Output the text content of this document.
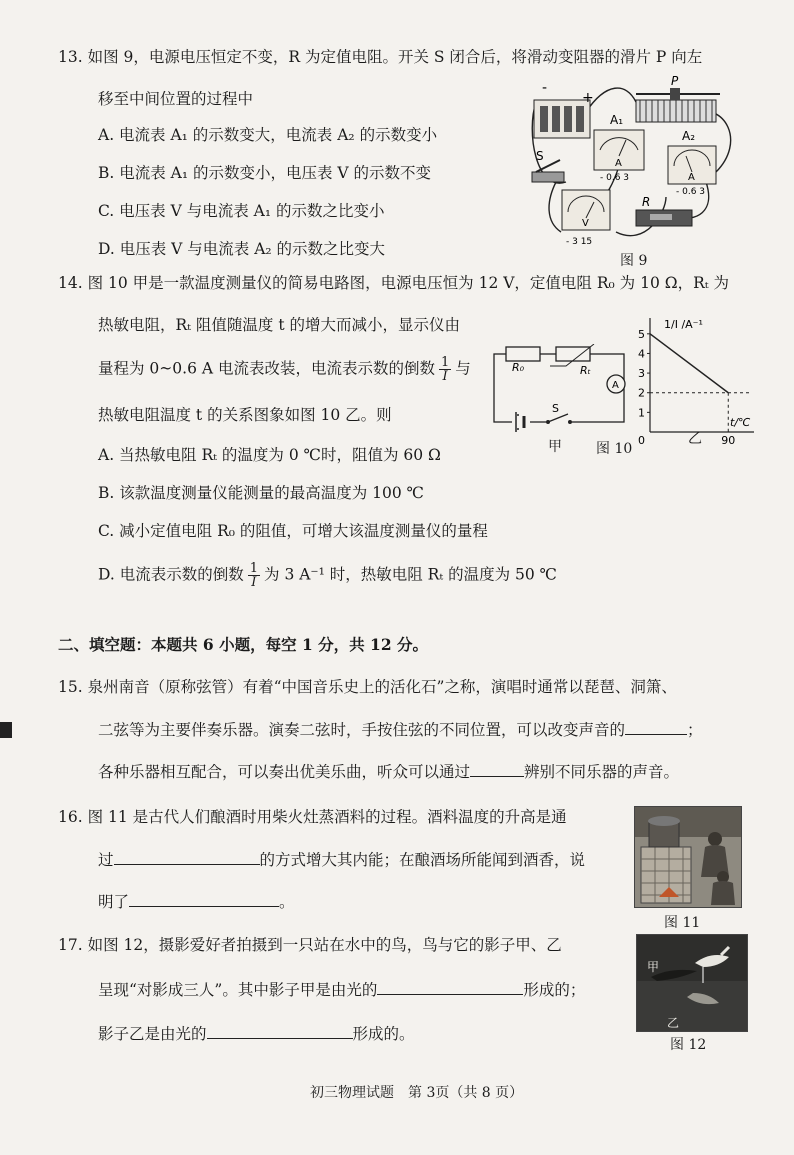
13. 如图 9，电源电压恒定不变，R 为定值电阻。开关 S 闭合后，将滑动变阻器的滑片 P 向左
移至中间位置的过程中
A. 电流表 A₁ 的示数变大，电流表 A₂ 的示数变小
B. 电流表 A₁ 的示数变小，电压表 V 的示数不变
C. 电压表 V 与电流表 A₁ 的示数之比变小
D. 电压表 V 与电流表 A₂ 的示数之比变大
-
+
P
A₁
A
- 0.6 3
A₂
A
- 0.6 3
S
V
- 3 15
R
图 9
14. 图 10 甲是一款温度测量仪的简易电路图，电源电压恒为 12 V，定值电阻 R₀ 为 10 Ω，Rₜ 为
热敏电阻，Rₜ 阻值随温度 t 的增大而减小，显示仪由
量程为 0~0.6 A 电流表改装，电流表示数的倒数 $\frac{1}{I}$ 与
热敏电阻温度 t 的关系图象如图 10 乙。则
A. 当热敏电阻 Rₜ 的温度为 0 ℃时，阻值为 60 Ω
B. 该款温度测量仪能测量的最高温度为 100 ℃
C. 减小定值电阻 R₀ 的阻值，可增大该温度测量仪的量程
D. 电流表示数的倒数 $\frac{1}{I}$ 为 3 A⁻¹ 时，热敏电阻 Rₜ 的温度为 50 ℃
R₀	Rₜ
A
S
甲 图 10
1
2
3
4
5
0	90
1/I /A⁻¹
t/℃
乙
二、填空题：本题共 6 小题，每空 1 分，共 12 分。
15. 泉州南音（原称弦管）有着“中国音乐史上的活化石”之称，演唱时通常以琵琶、洞箫、
二弦等为主要伴奏乐器。演奏二弦时，手按住弦的不同位置，可以改变声音的	；
各种乐器相互配合，可以奏出优美乐曲，听众可以通过	辨别不同乐器的声音。
16. 图 11 是古代人们酿酒时用柴火灶蒸酒料的过程。酒料温度的升高是通
过	的方式增大其内能；在酿酒场所能闻到酒香，说
明了	。
图 11
17. 如图 12，摄影爱好者拍摄到一只站在水中的鸟，鸟与它的影子甲、乙
呈现“对影成三人”。其中影子甲是由光的	形成的；
影子乙是由光的	形成的。
甲
乙
图 12
初三物理试题　第 3页（共 8 页）
